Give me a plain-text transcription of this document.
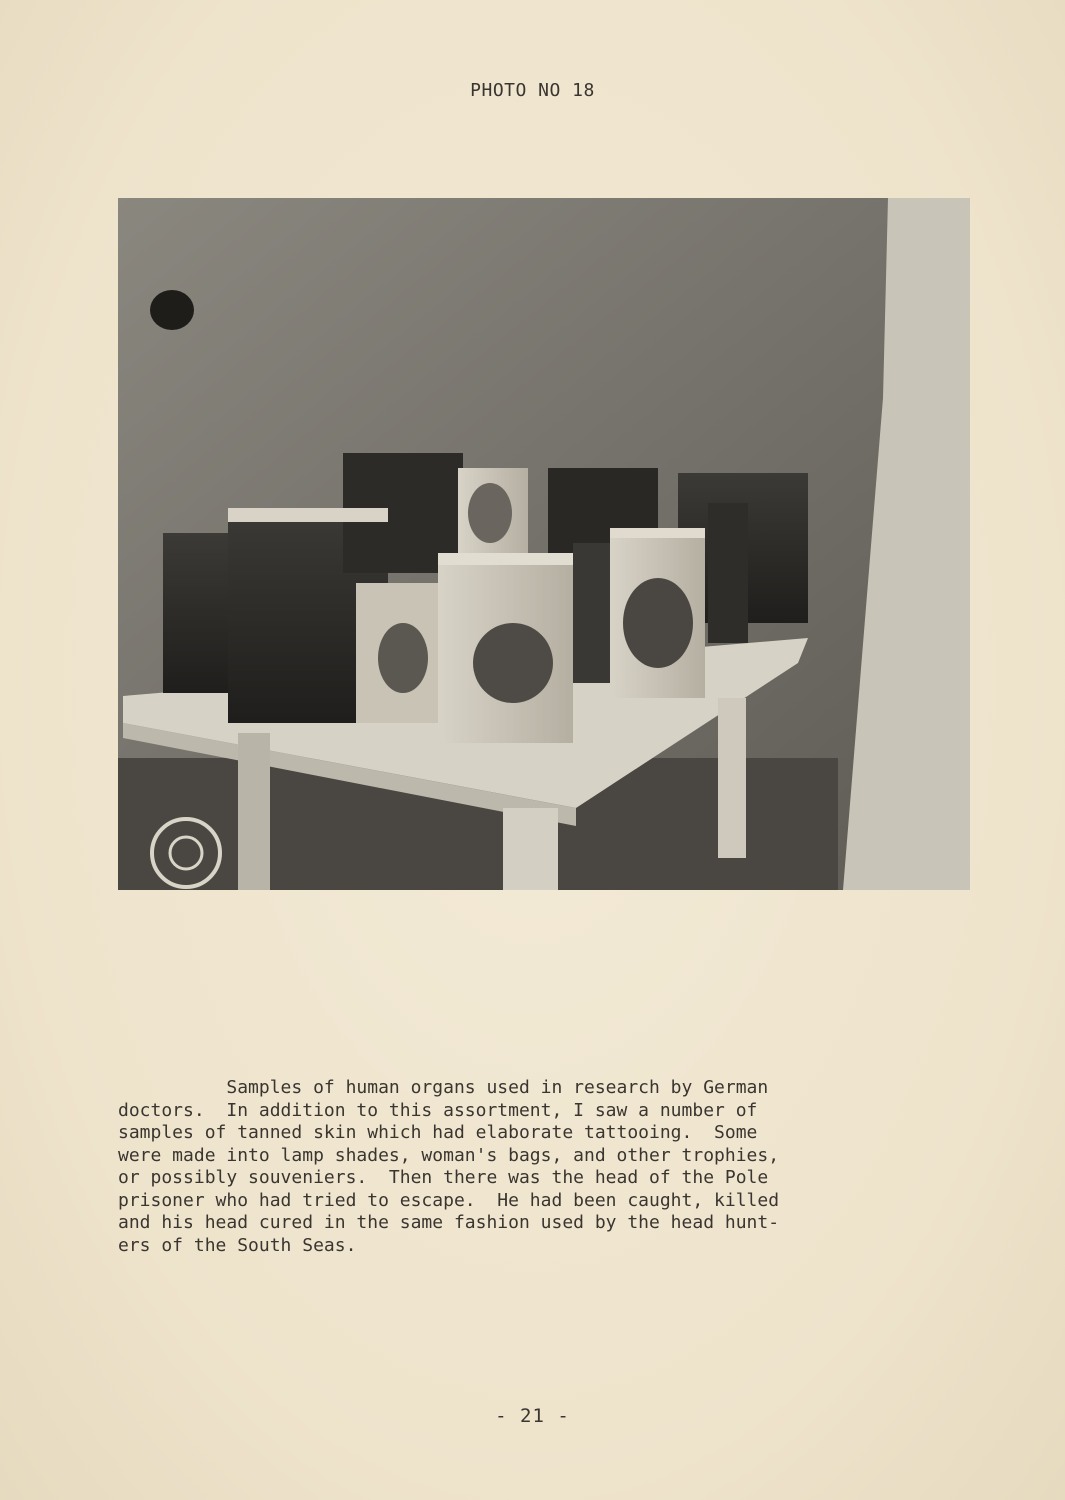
PHOTO NO 18
Samples of human organs used in research by German
doctors.  In addition to this assortment, I saw a number of
samples of tanned skin which had elaborate tattooing.  Some
were made into lamp shades, woman's bags, and other trophies,
or possibly souveniers.  Then there was the head of the Pole
prisoner who had tried to escape.  He had been caught, killed
and his head cured in the same fashion used by the head hunt-
ers of the South Seas.
- 21 -
